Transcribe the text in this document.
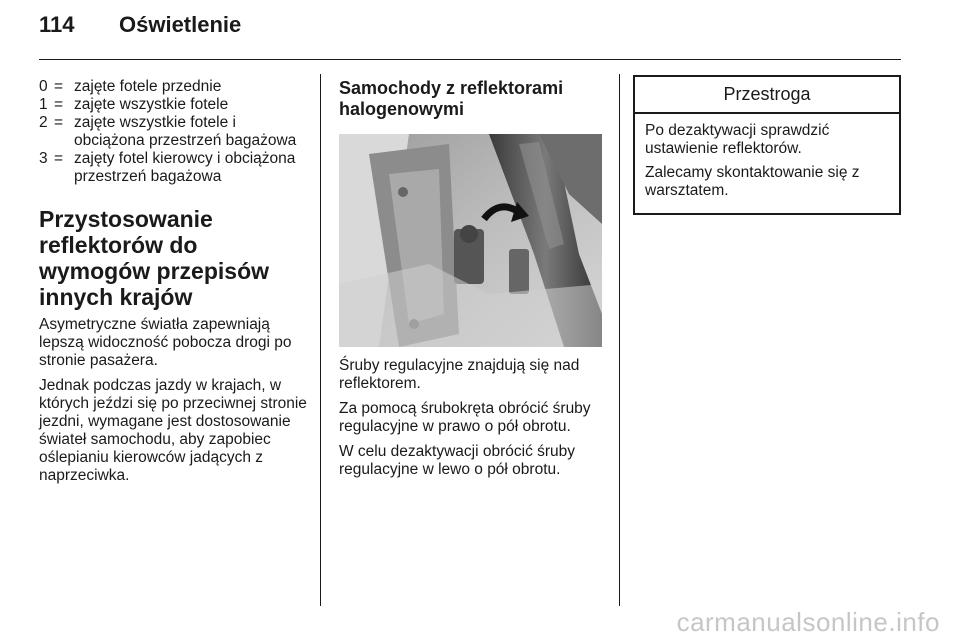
114	Oświetlenie
0 = zajęte fotele przednie
1 = zajęte wszystkie fotele
2 = zajęte wszystkie fotele i obciążona przestrzeń bagażowa
3 = zajęty fotel kierowcy i obciążona przestrzeń bagażowa
Przystosowanie reflektorów do wymogów przepisów innych krajów

Asymetryczne światła zapewniają lepszą widoczność pobocza drogi po stronie pasażera.

Jednak podczas jazdy w krajach, w których jeździ się po przeciwnej stronie jezdni, wymagane jest dostosowanie świateł samochodu, aby zapobiec oślepianiu kierowców jadących z naprzeciwka.

Samochody z reflektorami halogenowymi

Śruby regulacyjne znajdują się nad reflektorem.

Za pomocą śrubokręta obrócić śruby regulacyjne w prawo o pół obrotu.

W celu dezaktywacji obrócić śruby regulacyjne w lewo o pół obrotu.

Przestroga

Po dezaktywacji sprawdzić ustawienie reflektorów.

Zalecamy skontaktowanie się z warsztatem.

carmanualsonline.info
